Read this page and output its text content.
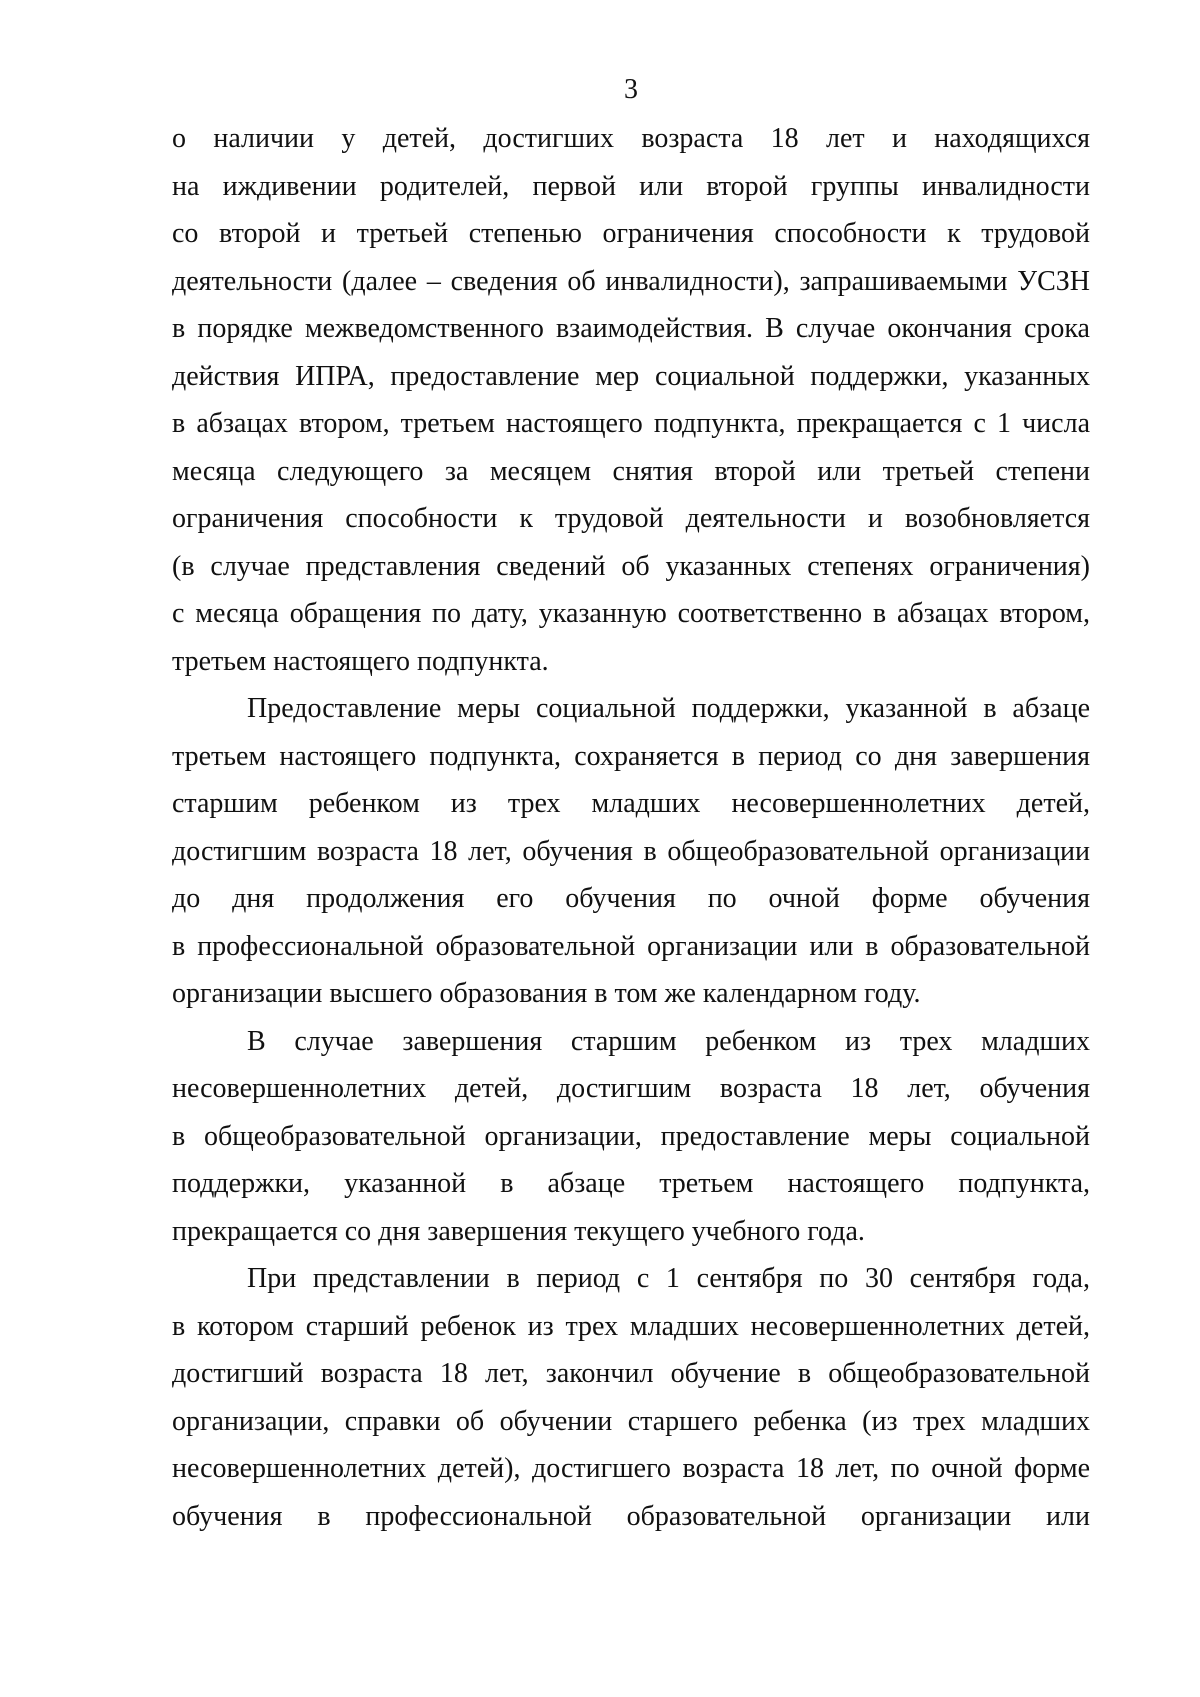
3
о наличии у детей, достигших возраста 18 лет и находящихся
на иждивении родителей, первой или второй группы инвалидности
со второй и третьей степенью ограничения способности к трудовой
деятельности (далее – сведения об инвалидности), запрашиваемыми УСЗН
в порядке межведомственного взаимодействия. В случае окончания срока
действия ИПРА, предоставление мер социальной поддержки, указанных
в абзацах втором, третьем настоящего подпункта, прекращается с 1 числа
месяца следующего за месяцем снятия второй или третьей степени
ограничения способности к трудовой деятельности и возобновляется
(в случае представления сведений об указанных степенях ограничения)
с месяца обращения по дату, указанную соответственно в абзацах втором,
третьем настоящего подпункта.
Предоставление меры социальной поддержки, указанной в абзаце
третьем настоящего подпункта, сохраняется в период со дня завершения
старшим ребенком из трех младших несовершеннолетних детей,
достигшим возраста 18 лет, обучения в общеобразовательной организации
до дня продолжения его обучения по очной форме обучения
в профессиональной образовательной организации или в образовательной
организации высшего образования в том же календарном году.
В случае завершения старшим ребенком из трех младших
несовершеннолетних детей, достигшим возраста 18 лет, обучения
в общеобразовательной организации, предоставление меры социальной
поддержки, указанной в абзаце третьем настоящего подпункта,
прекращается со дня завершения текущего учебного года.
При представлении в период с 1 сентября по 30 сентября года,
в котором старший ребенок из трех младших несовершеннолетних детей,
достигший возраста 18 лет, закончил обучение в общеобразовательной
организации, справки об обучении старшего ребенка (из трех младших
несовершеннолетних детей), достигшего возраста 18 лет, по очной форме
обучения в профессиональной образовательной организации или
